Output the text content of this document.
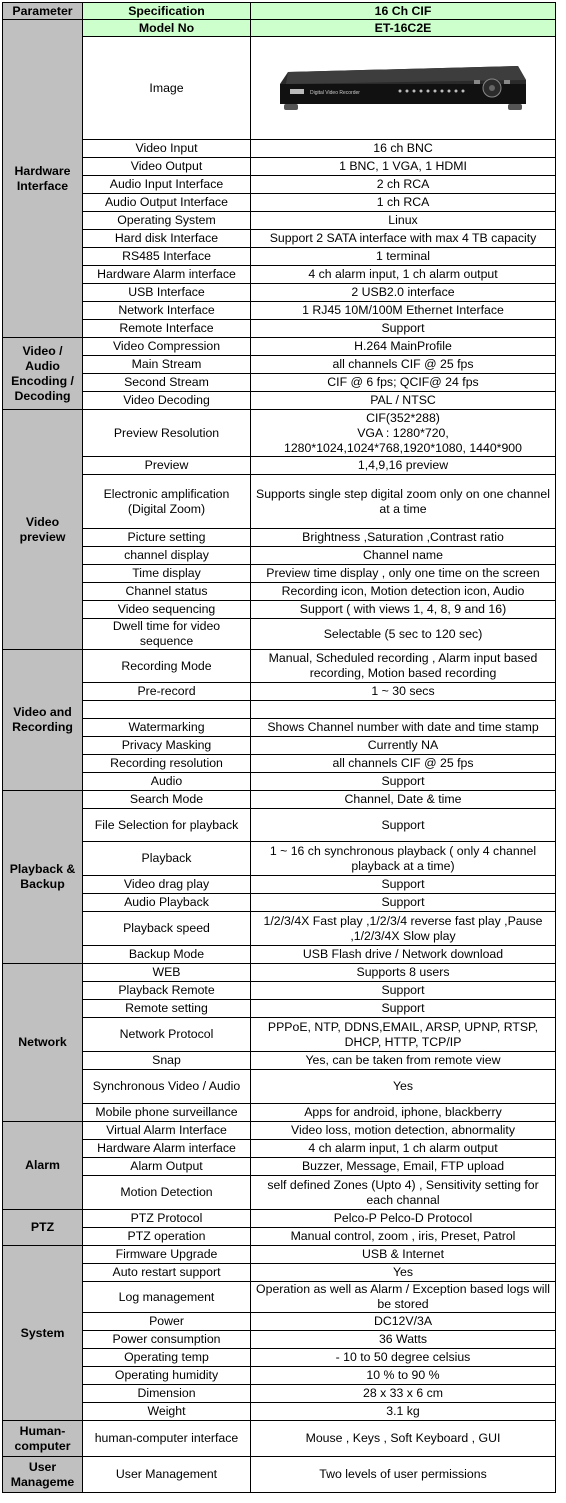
Parameter	Specification	16 Ch CIF
Hardware Interface	Model No	ET-16C2E
	Image	Digital Video Recorder

	Video Input	16 ch BNC
	Video Output	1 BNC, 1 VGA, 1 HDMI
	Audio Input Interface	2 ch RCA
	Audio Output Interface	1 ch RCA
	Operating System	Linux
	Hard disk Interface	Support 2 SATA interface with max 4 TB capacity
	RS485 Interface	1 terminal
	Hardware Alarm interface	4 ch alarm input, 1 ch alarm output
	USB Interface	2 USB2.0 interface
	Network Interface	1 RJ45 10M/100M Ethernet Interface
	Remote Interface	Support
Video / Audio Encoding / Decoding	Video Compression	H.264 MainProfile
	Main Stream	all channels CIF @ 25 fps
	Second Stream	CIF @ 6 fps; QCIF@ 24 fps
	Video Decoding	PAL / NTSC
Video preview	Preview Resolution	CIF(352*288)
VGA : 1280*720,
1280*1024,1024*768,1920*1080, 1440*900
	Preview	1,4,9,16 preview
	Electronic amplification (Digital Zoom)	Supports single step digital zoom only on one channel at a time
	Picture setting	Brightness ,Saturation ,Contrast ratio
	channel display	Channel name
	Time display	Preview time display , only one time on the screen
	Channel status	Recording icon, Motion detection icon, Audio
	Video sequencing	Support ( with views 1, 4, 8, 9 and 16)
	Dwell time for video sequence	Selectable (5 sec to 120 sec)
Video and Recording	Recording Mode	Manual, Scheduled recording , Alarm input based recording, Motion based recording
	Pre-record	1 ~ 30 secs

	Watermarking	Shows Channel number with date and time stamp
	Privacy Masking	Currently NA
	Recording resolution	all channels CIF @ 25 fps
	Audio	Support
Playback & Backup	Search Mode	Channel, Date & time
	File Selection for playback	Support
	Playback	1 ~ 16 ch synchronous playback ( only 4 channel playback at a time)
	Video drag play	Support
	Audio Playback	Support
	Playback speed	1/2/3/4X Fast play ,1/2/3/4 reverse fast play ,Pause ,1/2/3/4X Slow play
	Backup Mode	USB Flash drive / Network download
Network	WEB	Supports 8 users
	Playback Remote	Support
	Remote setting	Support
	Network Protocol	PPPoE, NTP, DDNS,EMAIL, ARSP, UPNP, RTSP, DHCP, HTTP, TCP/IP
	Snap	Yes, can be taken from remote view
	Synchronous Video / Audio	Yes
	Mobile phone surveillance	Apps for android, iphone, blackberry
Alarm	Virtual Alarm Interface	Video loss, motion detection, abnormality
	Hardware Alarm interface	4 ch alarm input, 1 ch alarm output
	Alarm Output	Buzzer, Message, Email, FTP upload
	Motion Detection	self defined Zones (Upto 4) , Sensitivity setting for each channal
PTZ	PTZ Protocol	Pelco-P Pelco-D Protocol
	PTZ operation	Manual control, zoom , iris, Preset, Patrol
System	Firmware Upgrade	USB & Internet
	Auto restart support	Yes
	Log management	Operation as well as Alarm / Exception based logs will be stored
	Power	DC12V/3A
	Power consumption	36 Watts
	Operating temp	- 10 to 50 degree celsius
	Operating humidity	10 % to 90 %
	Dimension	28 x 33 x 6 cm
	Weight	3.1 kg
Human-computer	human-computer interface	Mouse , Keys , Soft Keyboard , GUI
User Manageme	User Management	Two levels of user permissions
